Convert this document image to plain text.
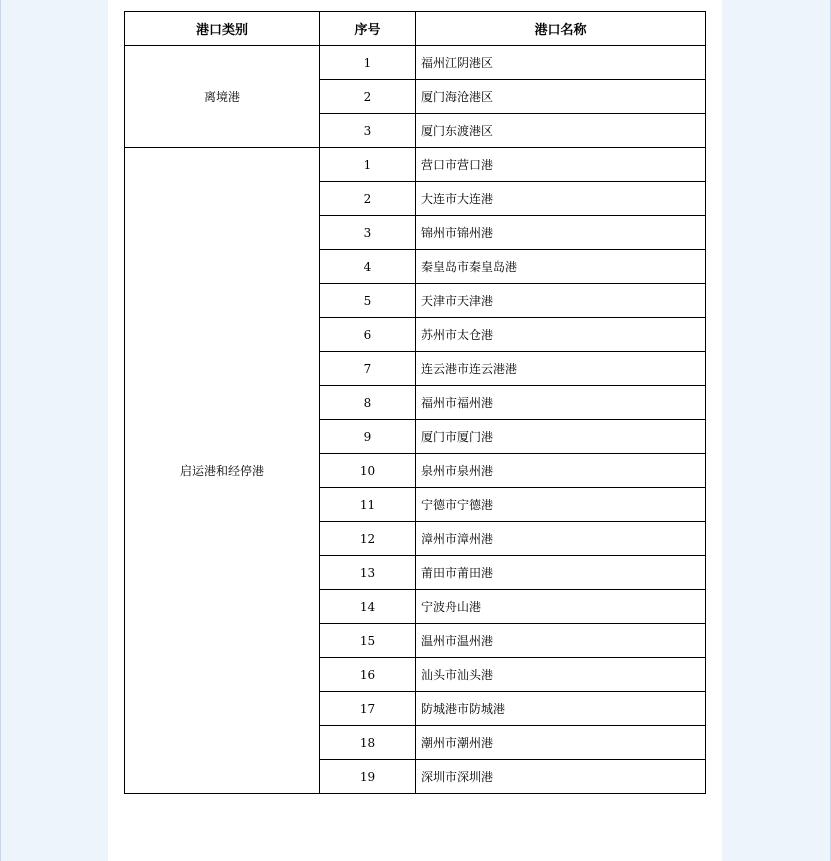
港口类别	序号	港口名称
离境港	1	福州江阴港区
	2	厦门海沧港区
	3	厦门东渡港区
启运港和经停港	1	营口市营口港
	2	大连市大连港
	3	锦州市锦州港
	4	秦皇岛市秦皇岛港
	5	天津市天津港
	6	苏州市太仓港
	7	连云港市连云港港
	8	福州市福州港
	9	厦门市厦门港
	10	泉州市泉州港
	11	宁德市宁德港
	12	漳州市漳州港
	13	莆田市莆田港
	14	宁波舟山港
	15	温州市温州港
	16	汕头市汕头港
	17	防城港市防城港
	18	潮州市潮州港
	19	深圳市深圳港
